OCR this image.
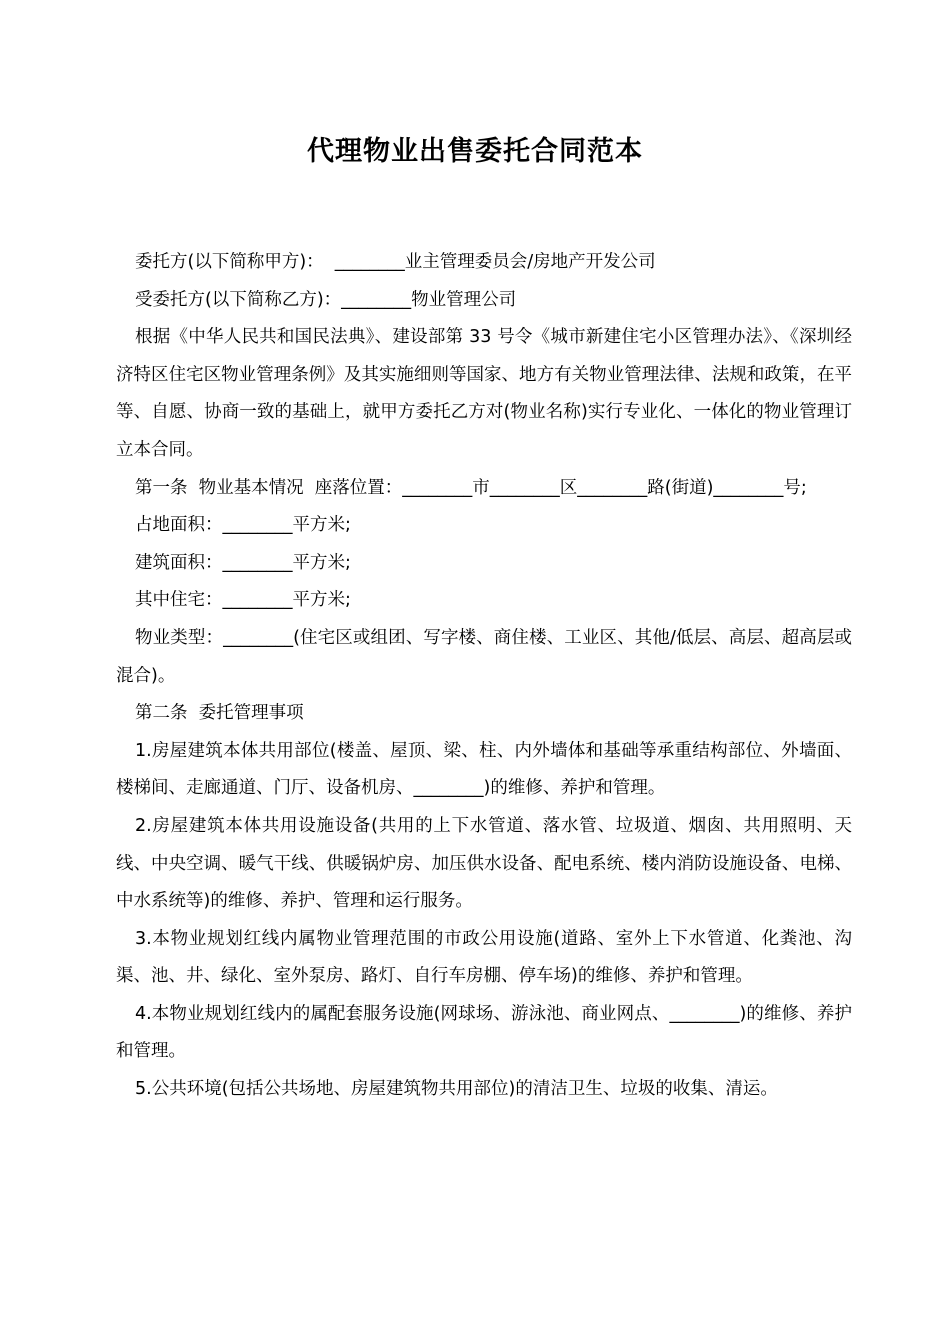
代理物业出售委托合同范本

委托方(以下简称甲方)：  ________业主管理委员会/房地产开发公司

受委托方(以下简称乙方)：________物业管理公司

根据《中华人民共和国民法典》、建设部第 33 号令《城市新建住宅小区管理办法》、《深圳经济特区住宅区物业管理条例》及其实施细则等国家、地方有关物业管理法律、法规和政策，在平等、自愿、协商一致的基础上，就甲方委托乙方对(物业名称)实行专业化、一体化的物业管理订立本合同。

第一条  物业基本情况  座落位置：________市________区________路(街道)________号;

占地面积：________平方米;

建筑面积：________平方米;

其中住宅：________平方米;

物业类型：________(住宅区或组团、写字楼、商住楼、工业区、其他/低层、高层、超高层或混合)。

第二条  委托管理事项

1.房屋建筑本体共用部位(楼盖、屋顶、梁、柱、内外墙体和基础等承重结构部位、外墙面、楼梯间、走廊通道、门厅、设备机房、________)的维修、养护和管理。

2.房屋建筑本体共用设施设备(共用的上下水管道、落水管、垃圾道、烟囱、共用照明、天线、中央空调、暖气干线、供暖锅炉房、加压供水设备、配电系统、楼内消防设施设备、电梯、中水系统等)的维修、养护、管理和运行服务。

3.本物业规划红线内属物业管理范围的市政公用设施(道路、室外上下水管道、化粪池、沟渠、池、井、绿化、室外泵房、路灯、自行车房棚、停车场)的维修、养护和管理。

4.本物业规划红线内的属配套服务设施(网球场、游泳池、商业网点、________)的维修、养护和管理。

5.公共环境(包括公共场地、房屋建筑物共用部位)的清洁卫生、垃圾的收集、清运。
